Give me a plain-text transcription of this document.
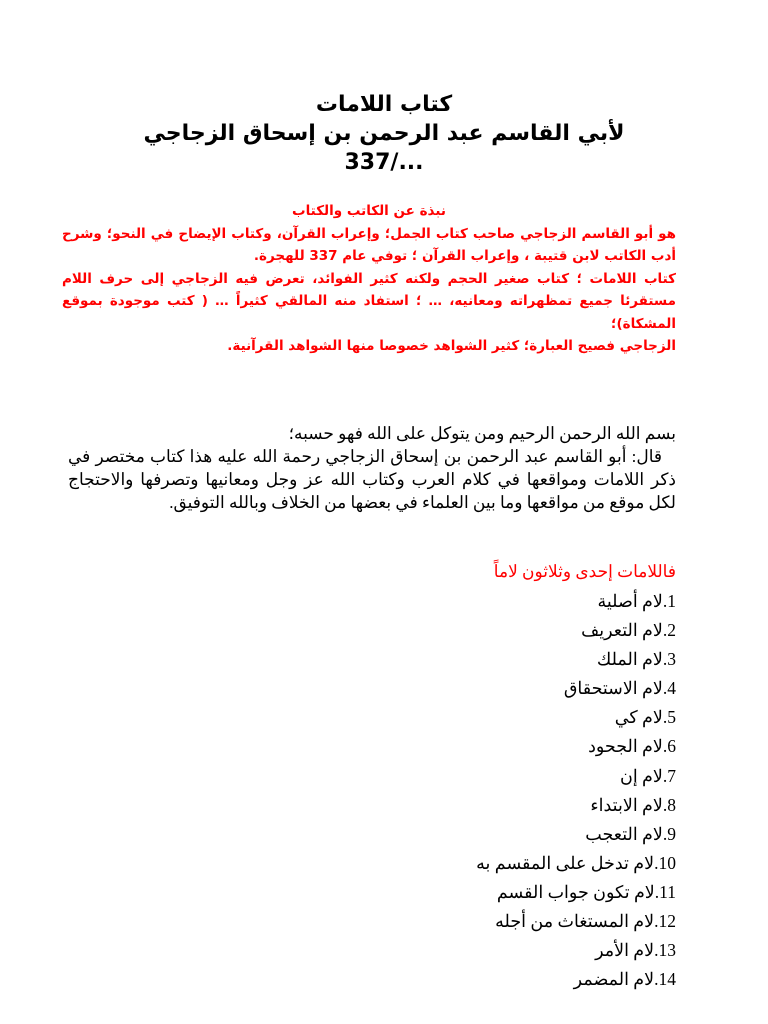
كتاب اللامات
لأبي القاسم عبد الرحمن بن إسحاق الزجاجي
337/...

نبذة عن الكاتب والكتاب

هو أبو القاسم الزجاجي صاحب كتاب الجمل؛ وإعراب القرآن، وكتاب الإيضاح في النحو؛ وشرح أدب الكاتب لابن قتيبة ، وإعراب القرآن ؛ توفي عام 337 للهجرة.

كتاب اللامات ؛ كتاب صغير الحجم ولكنه كثير الفوائد، تعرض فيه الزجاجي إلى حرف اللام مستقرئا جميع تمظهراته ومعانيه، … ؛ استفاد منه المالقي كثيراً … ( كتب موجودة بموقع المشكاة)؛

الزجاجي فصيح العبارة؛ كثير الشواهد خصوصا منها الشواهد القرآنية.

بسم الله الرحمن الرحيم ومن يتوكل على الله فهو حسبه؛

قال: أبو القاسم عبد الرحمن بن إسحاق الزجاجي رحمة الله عليه هذا كتاب مختصر في ذكر اللامات ومواقعها في كلام العرب وكتاب الله عز وجل ومعانيها وتصرفها والاحتجاج لكل موقع من مواقعها وما بين العلماء في بعضها من الخلاف وبالله التوفيق.

فاللامات إحدى وثلاثون لاماً
1.لام أصلية
2.لام التعريف
3.لام الملك
4.لام الاستحقاق
5.لام كي
6.لام الجحود
7.لام إن
8.لام الابتداء
9.لام التعجب
10.لام تدخل على المقسم به
11.لام تكون جواب القسم
12.لام المستغاث من أجله
13.لام الأمر
14.لام المضمر
